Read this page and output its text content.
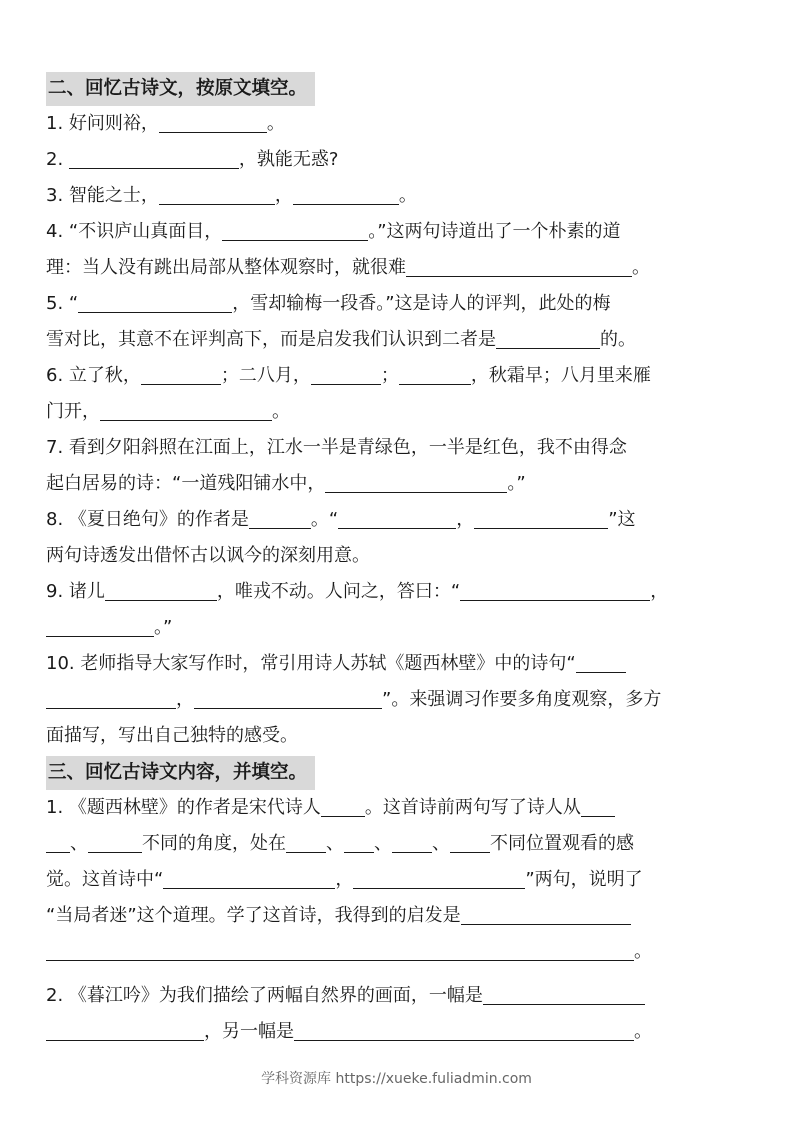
二、回忆古诗文，按原文填空。

1. 好问则裕，	。

2.	，孰能无惑?

3. 智能之士，	，	。

4. “不识庐山真面目，	。”这两句诗道出了一个朴素的道

理：当人没有跳出局部从整体观察时，就很难	。

5. “	，雪却输梅一段香。”这是诗人的评判，此处的梅

雪对比，其意不在评判高下，而是启发我们认识到二者是	的。

6. 立了秋，	；二八月，	；	，秋霜早；八月里来雁

门开，	。

7. 看到夕阳斜照在江面上，江水一半是青绿色，一半是红色，我不由得念

起白居易的诗：“一道残阳铺水中，	。”

8. 《夏日绝句》的作者是	。“	，	”这

两句诗透发出借怀古以讽今的深刻用意。

9. 诸儿	，唯戎不动。人问之，答曰：“	，

。”

10. 老师指导大家写作时，常引用诗人苏轼《题西林壁》中的诗句“

，	”。来强调习作要多角度观察，多方

面描写，写出自己独特的感受。

三、回忆古诗文内容，并填空。

1. 《题西林壁》的作者是宋代诗人 。这首诗前两句写了诗人从

、	不同的角度，处在 、 、 、 不同位置观看的感

觉。这首诗中“	，	”两句，说明了

“当局者迷”这个道理。学了这首诗，我得到的启发是

。

2. 《暮江吟》为我们描绘了两幅自然界的画面，一幅是

，另一幅是	。

学科资源库 https://xueke.fuliadmin.com
